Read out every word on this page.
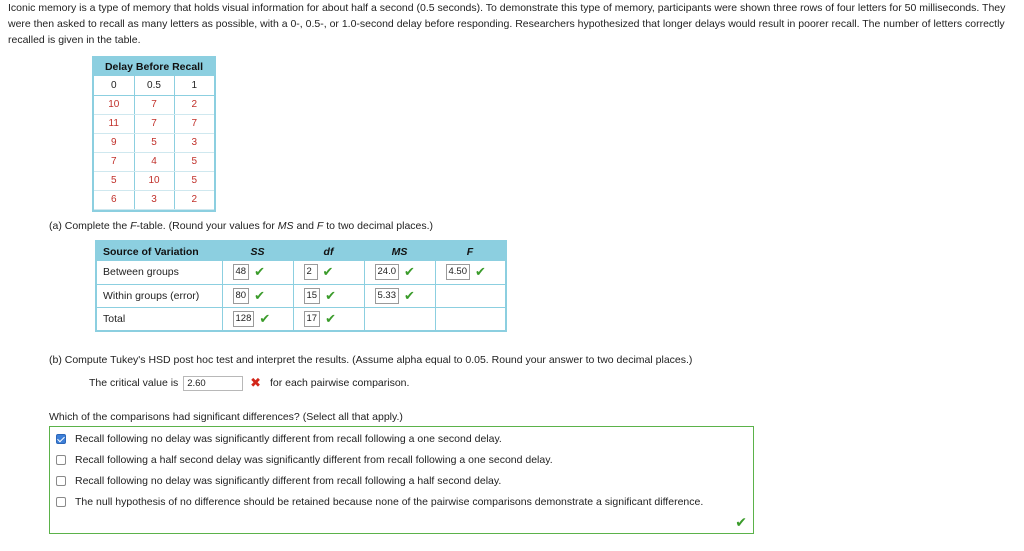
Iconic memory is a type of memory that holds visual information for about half a second (0.5 seconds). To demonstrate this type of memory, participants were shown three rows of four letters for 50 milliseconds. They were then asked to recall as many letters as possible, with a 0-, 0.5-, or 1.0-second delay before responding. Researchers hypothesized that longer delays would result in poorer recall. The number of letters correctly recalled is given in the table.

Delay Before Recall		
0	0.5	1
10	7	2
11	7	7
9	5	3
7	4	5
5	10	5
6	3	2

(a) Complete the F-table. (Round your values for MS and F to two decimal places.)

Source of Variation	SS	df	MS	F
Between groups	48 ✔	2 ✔	24.0 ✔	4.50 ✔
Within groups (error)	80 ✔	15 ✔	5.33 ✔	
Total	128 ✔	17 ✔		

(b) Compute Tukey's HSD post hoc test and interpret the results. (Assume alpha equal to 0.05. Round your answer to two decimal places.)

The critical value is 2.60	✖ for each pairwise comparison.

Which of the comparisons had significant differences? (Select all that apply.)

Recall following no delay was significantly different from recall following a one second delay.
Recall following a half second delay was significantly different from recall following a one second delay.
Recall following no delay was significantly different from recall following a half second delay.
The null hypothesis of no difference should be retained because none of the pairwise comparisons demonstrate a significant difference.
✔
